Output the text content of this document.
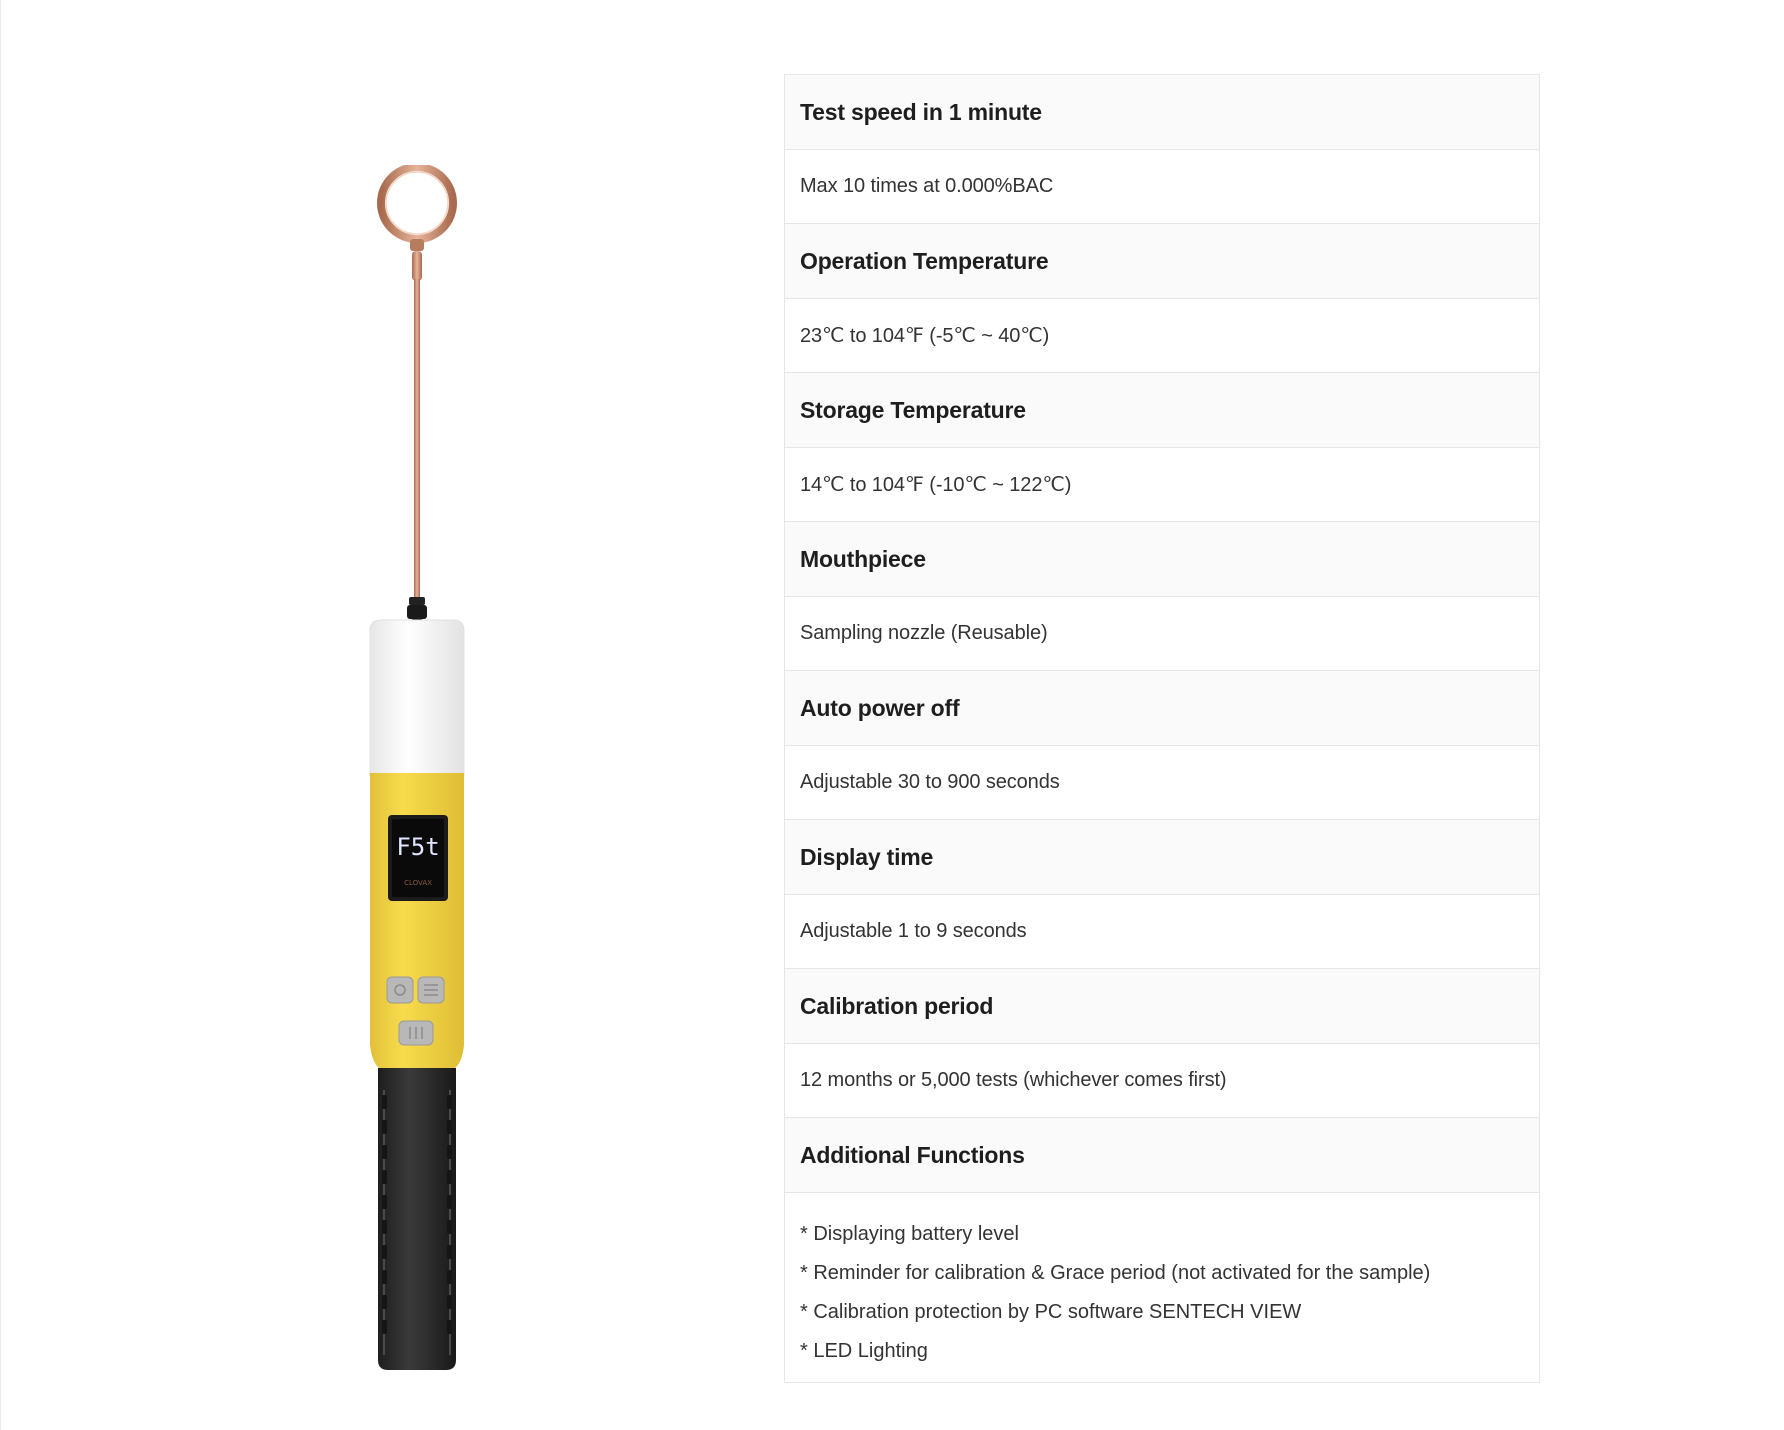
F5t
CLOVAX
Test speed in 1 minute
Max 10 times at 0.000%BAC
Operation Temperature
23℃ to 104℉ (-5℃ ~ 40℃)
Storage Temperature
14℃ to 104℉ (-10℃ ~ 122℃)
Mouthpiece
Sampling nozzle (Reusable)
Auto power off
Adjustable 30 to 900 seconds
Display time
Adjustable 1 to 9 seconds
Calibration period
12 months or 5,000 tests (whichever comes first)
Additional Functions
* Displaying battery level
* Reminder for calibration & Grace period (not activated for the sample)
* Calibration protection by PC software SENTECH VIEW
* LED Lighting
